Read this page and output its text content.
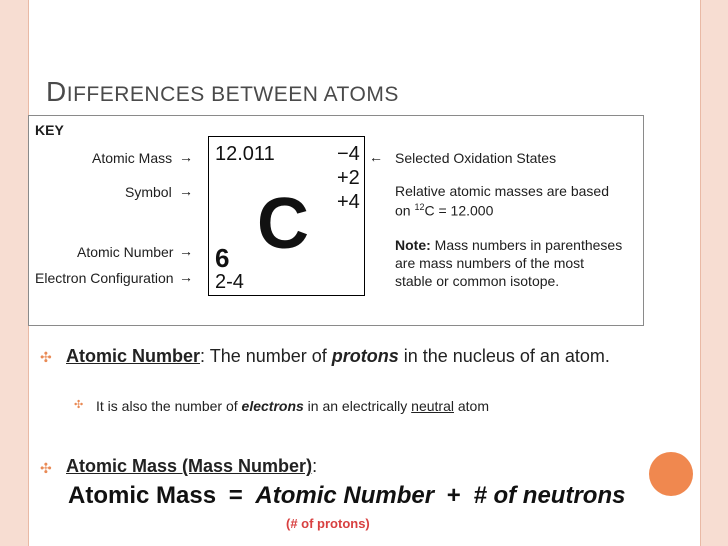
DIFFERENCES BETWEEN ATOMS
KEY
Atomic Mass →
Symbol →
Atomic Number →
Electron Configuration →
12.011	−4
+2
+4
C
6
2-4
← Selected Oxidation States
Relative atomic masses are based
on $^{12}$C = 12.000
Note: Mass numbers in parentheses
are mass numbers of the most
stable or common isotope.
✣ Atomic Number: The number of protons in the nucleus of an atom.
✣ It is also the number of electrons in an electrically neutral atom
✣ Atomic Mass (Mass Number):
Atomic Mass = Atomic Number + # of neutrons
(# of protons)
